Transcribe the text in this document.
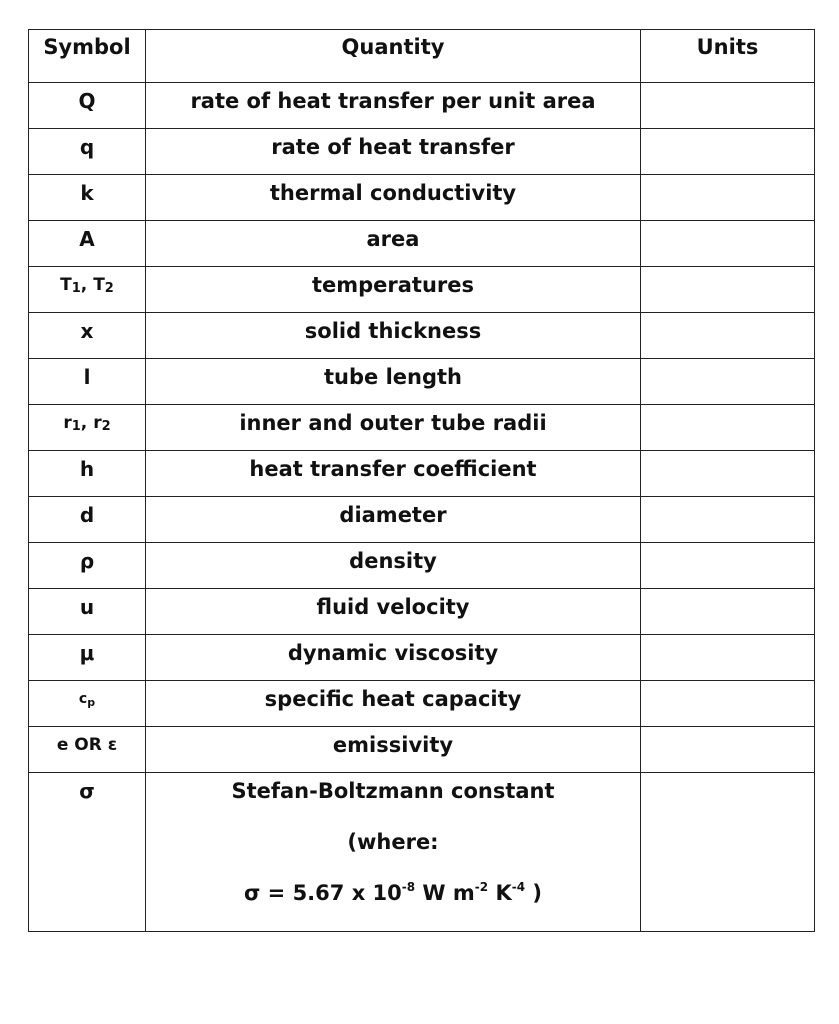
Symbol	Quantity	Units
Q	rate of heat transfer per unit area	
q	rate of heat transfer	
k	thermal conductivity	
A	area	
$T_1$, $T_2$	temperatures	
x	solid thickness	
l	tube length	
$r_1$, $r_2$	inner and outer tube radii	
h	heat transfer coefficient	
d	diameter	
ρ	density	
u	fluid velocity	
μ	dynamic viscosity	
$c_p$	specific heat capacity	
e OR ε	emissivity	
σ	Stefan-Boltzmann constant
(where:
σ = 5.67 x $10^{-8}$ W $m^{-2}$ $K^{-4}$ )	
